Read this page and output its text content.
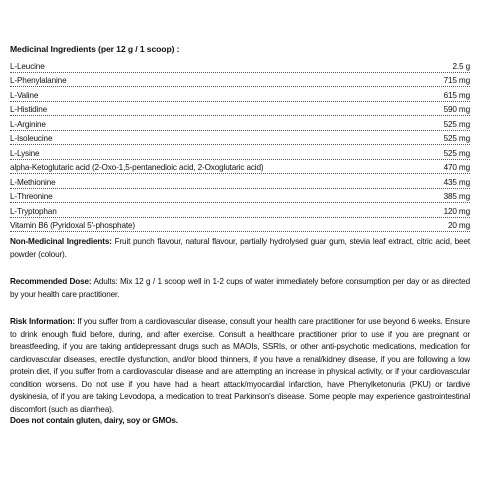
Medicinal Ingredients (per 12 g / 1 scoop) :
L-Leucine	2.5 g
L-Phenylalanine	715 mg
L-Valine	615 mg
L-Histidine	590 mg
L-Arginine	525 mg
L-Isoleucine	525 mg
L-Lysine	525 mg
alpha-Ketoglutaric acid (2-Oxo-1,5-pentanedioic acid, 2-Oxoglutaric acid)	470 mg
L-Methionine	435 mg
L-Threonine	385 mg
L-Tryptophan	120 mg
Vitamin B6 (Pyridoxal 5'-phosphate)	20 mg
Non-Medicinal Ingredients: Fruit punch flavour, natural flavour, partially hydrolysed guar gum, stevia leaf extract, citric acid, beet powder (colour).
Recommended Dose: Adults: Mix 12 g / 1 scoop well in 1-2 cups of water immediately before consumption per day or as directed by your health care practitioner.
Risk Information: If you suffer from a cardiovascular disease, consult your health care practitioner for use beyond 6 weeks. Ensure to drink enough fluid before, during, and after exercise. Consult a healthcare practitioner prior to use if you are pregnant or breastfeeding, if you are taking antidepressant drugs such as MAOIs, SSRIs, or other anti-psychotic medications, medication for cardiovascular diseases, erectile dysfunction, and/or blood thinners, if you have a renal/kidney disease, if you are following a low protein diet, if you suffer from a cardiovascular disease and are attempting an increase in physical activity, or if your cardiovascular condition worsens. Do not use if you have had a heart attack/myocardial infarction, have Phenylketonuria (PKU) or tardive dyskinesia, of if you are taking Levodopa, a medication to treat Parkinson's disease. Some people may experience gastrointestinal discomfort (such as diarrhea).
Does not contain gluten, dairy, soy or GMOs.
